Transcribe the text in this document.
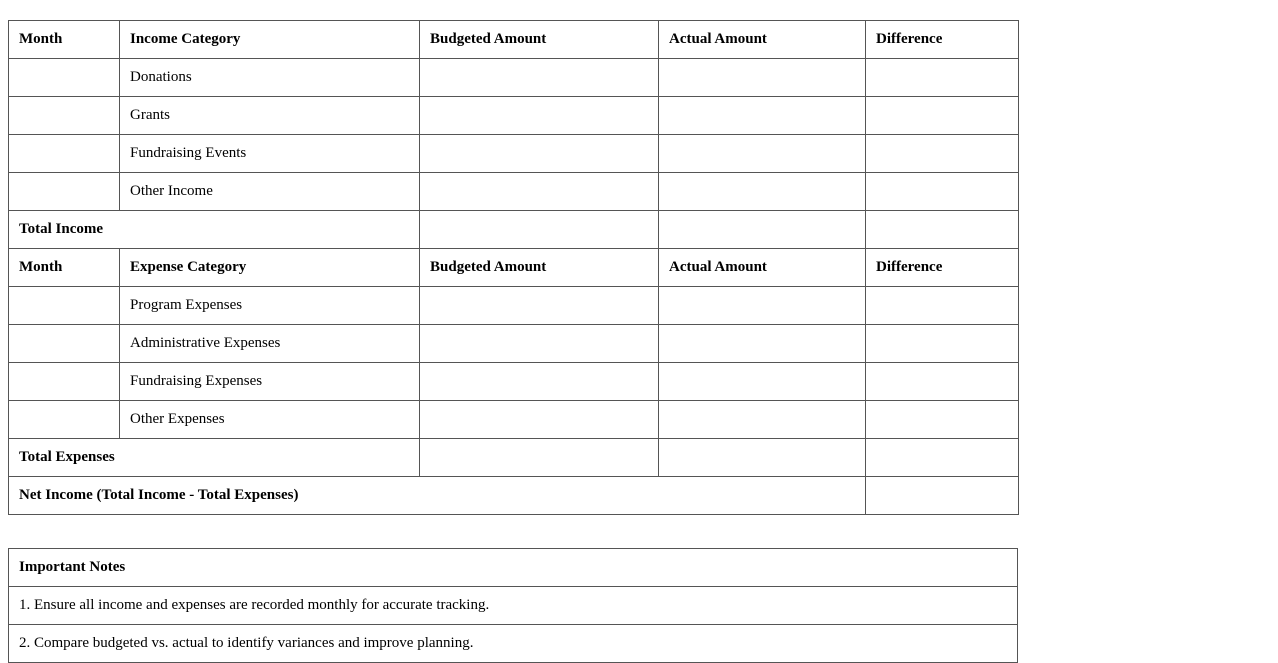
Month	Income Category	Budgeted Amount	Actual Amount	Difference
	Donations			
	Grants			
	Fundraising Events			
	Other Income			
Total Income				
Month	Expense Category	Budgeted Amount	Actual Amount	Difference
	Program Expenses			
	Administrative Expenses			
	Fundraising Expenses			
	Other Expenses			
Total Expenses				
Net Income (Total Income - Total Expenses)				
Important Notes
1. Ensure all income and expenses are recorded monthly for accurate tracking.
2. Compare budgeted vs. actual to identify variances and improve planning.
